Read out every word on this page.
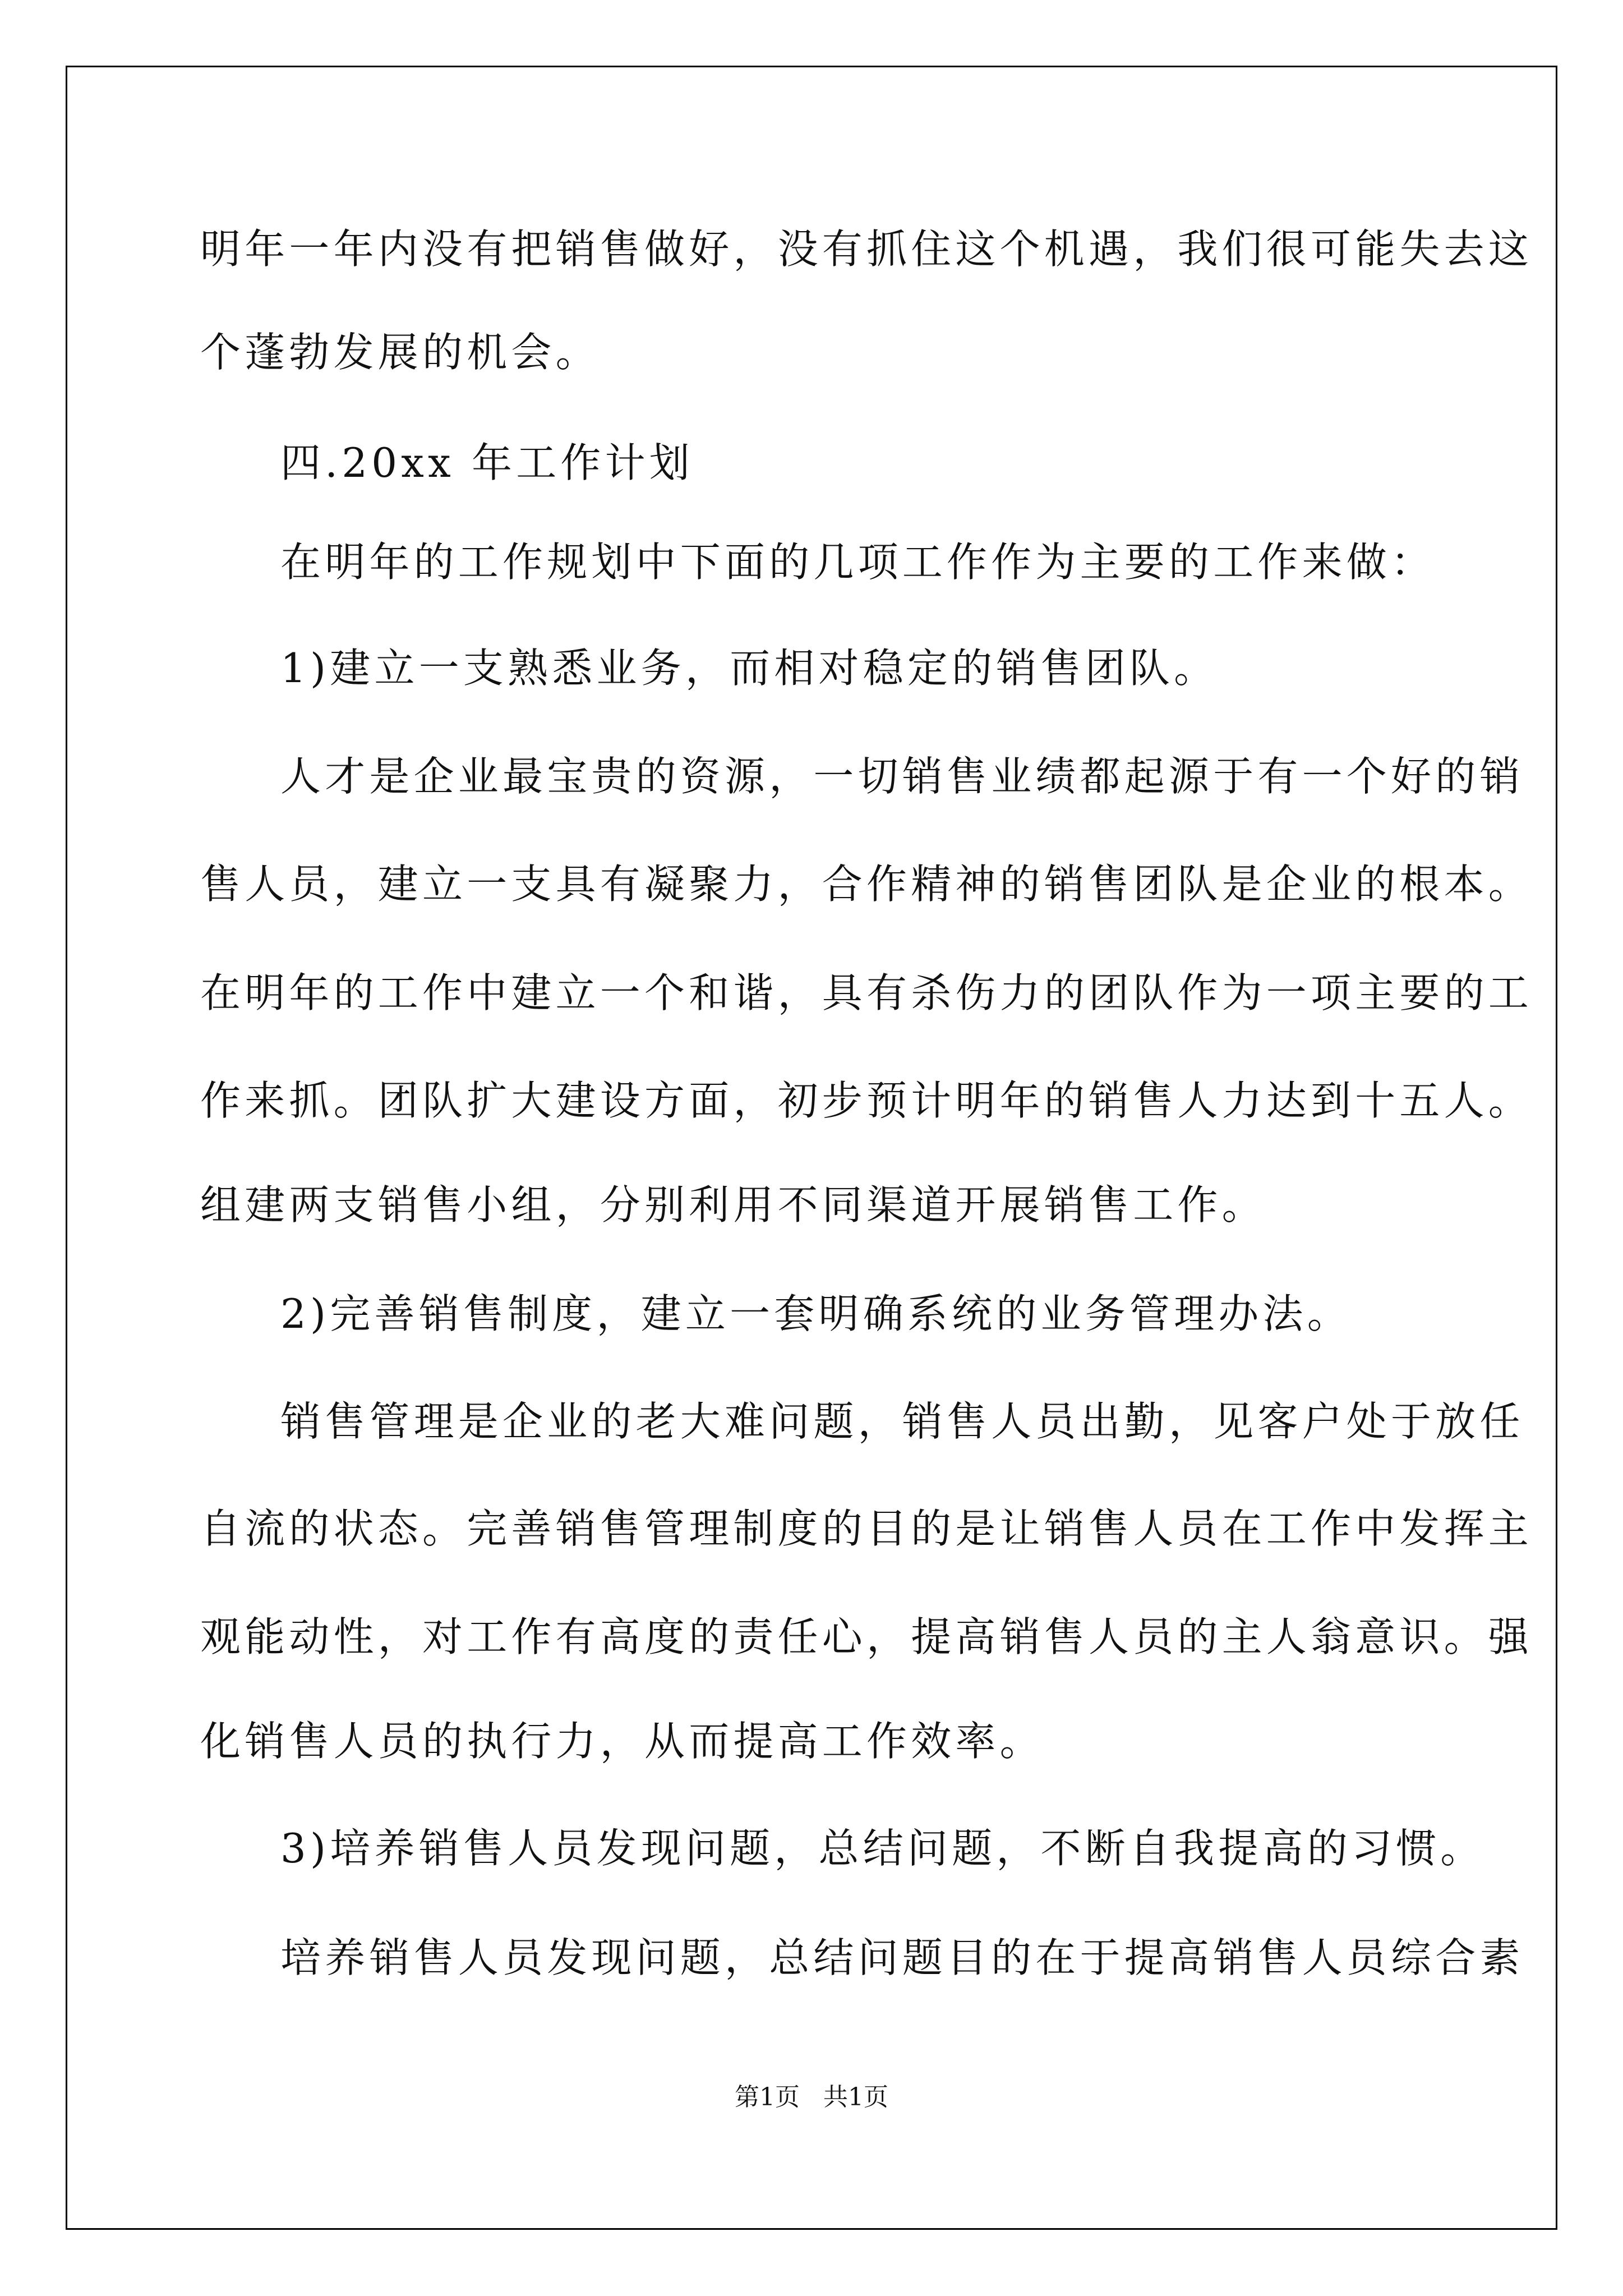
明年一年内没有把销售做好，没有抓住这个机遇，我们很可能失去这

个蓬勃发展的机会。

四.20xx 年工作计划

在明年的工作规划中下面的几项工作作为主要的工作来做：

1)建立一支熟悉业务，而相对稳定的销售团队。

人才是企业最宝贵的资源，一切销售业绩都起源于有一个好的销

售人员，建立一支具有凝聚力，合作精神的销售团队是企业的根本。

在明年的工作中建立一个和谐，具有杀伤力的团队作为一项主要的工

作来抓。团队扩大建设方面，初步预计明年的销售人力达到十五人。

组建两支销售小组，分别利用不同渠道开展销售工作。

2)完善销售制度，建立一套明确系统的业务管理办法。

销售管理是企业的老大难问题，销售人员出勤，见客户处于放任

自流的状态。完善销售管理制度的目的是让销售人员在工作中发挥主

观能动性，对工作有高度的责任心，提高销售人员的主人翁意识。强

化销售人员的执行力，从而提高工作效率。

3)培养销售人员发现问题，总结问题，不断自我提高的习惯。

培养销售人员发现问题，总结问题目的在于提高销售人员综合素

第1页   共1页
